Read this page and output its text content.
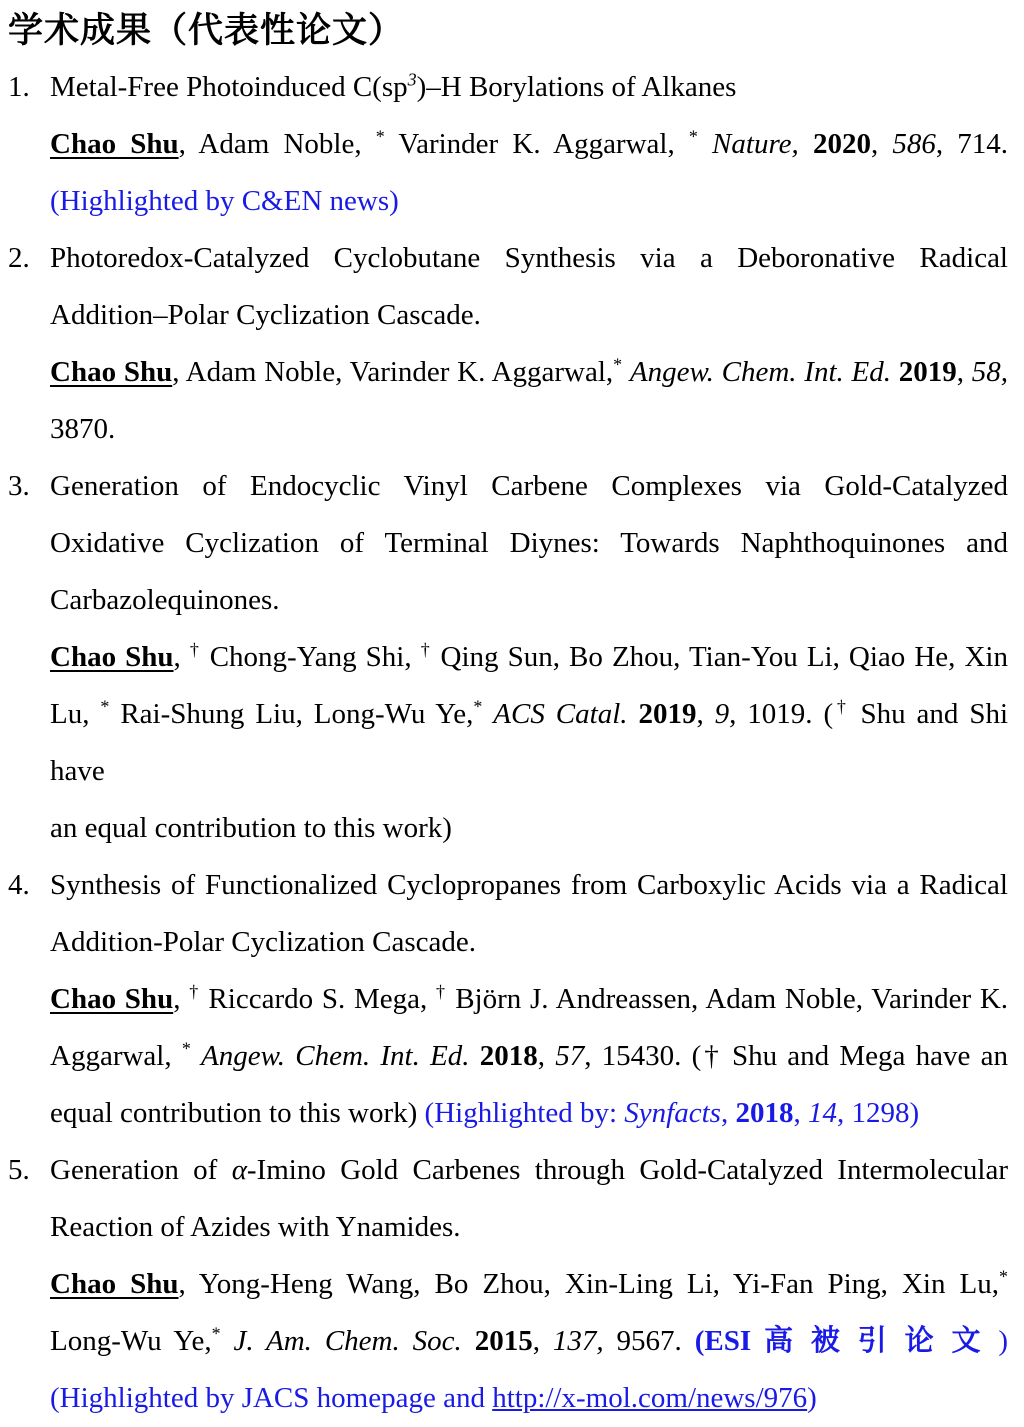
学术成果（代表性论文）
1. Metal-Free Photoinduced $C(sp^3)-H$ Borylations of Alkanes
Chao Shu, Adam Noble, * Varinder K. Aggarwal, * Nature, 2020, 586, 714.
(Highlighted by C&EN news)
2. Photoredox-Catalyzed Cyclobutane Synthesis via a Deboronative Radical
Addition–Polar Cyclization Cascade.
Chao Shu, Adam Noble, Varinder K. Aggarwal,* Angew. Chem. Int. Ed. 2019, 58,
3870.
3. Generation of Endocyclic Vinyl Carbene Complexes via Gold-Catalyzed
Oxidative Cyclization of Terminal Diynes: Towards Naphthoquinones and
Carbazolequinones.
Chao Shu, † Chong-Yang Shi, † Qing Sun, Bo Zhou, Tian-You Li, Qiao He, Xin
Lu, * Rai-Shung Liu, Long-Wu Ye,* ACS Catal. 2019, 9, 1019. († Shu and Shi have
an equal contribution to this work)
4. Synthesis of Functionalized Cyclopropanes from Carboxylic Acids via a Radical
Addition-Polar Cyclization Cascade.
Chao Shu, † Riccardo S. Mega, † Björn J. Andreassen, Adam Noble, Varinder K.
Aggarwal, * Angew. Chem. Int. Ed. 2018, 57, 15430. († Shu and Mega have an
equal contribution to this work) (Highlighted by: Synfacts, 2018, 14, 1298)
5. Generation of α-Imino Gold Carbenes through Gold-Catalyzed Intermolecular
Reaction of Azides with Ynamides.
Chao Shu, Yong-Heng Wang, Bo Zhou, Xin-Ling Li, Yi-Fan Ping, Xin Lu,*
Long-Wu Ye,* J. Am. Chem. Soc. 2015, 137, 9567. (ESI 高被引论文)
(Highlighted by JACS homepage and http://x-mol.com/news/976)
